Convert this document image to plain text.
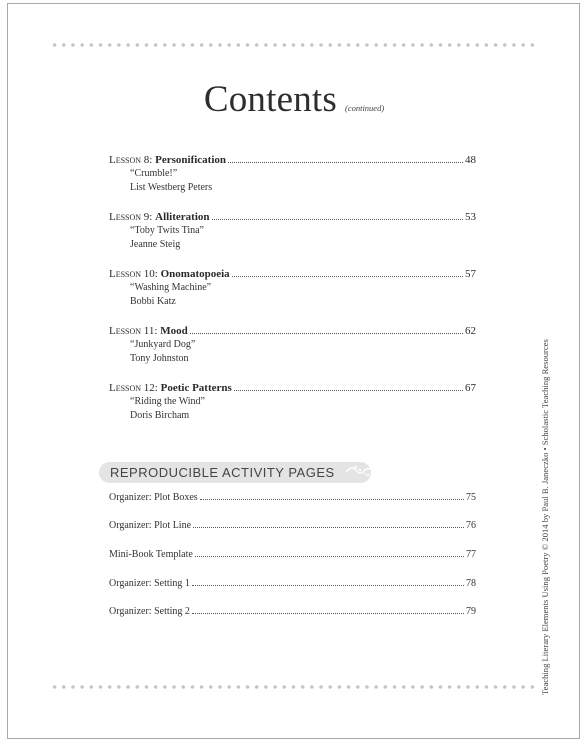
Contents (continued)
Lesson 8: Personification	48
“Crumble!”
List Westberg Peters
Lesson 9: Alliteration	53
“Toby Twits Tina”
Jeanne Steig
Lesson 10: Onomatopoeia	57
“Washing Machine”
Bobbi Katz
Lesson 11: Mood	62
“Junkyard Dog”
Tony Johnston
Lesson 12: Poetic Patterns	67
“Riding the Wind”
Doris Bircham
REPRODUCIBLE ACTIVITY PAGES
Organizer: Plot Boxes	75
Organizer: Plot Line	76
Mini-Book Template	77
Organizer: Setting 1	78
Organizer: Setting 2	79	Teaching Literary Elements Using Poetry © 2014 by Paul B. Janeczko • Scholastic Teaching Resources
